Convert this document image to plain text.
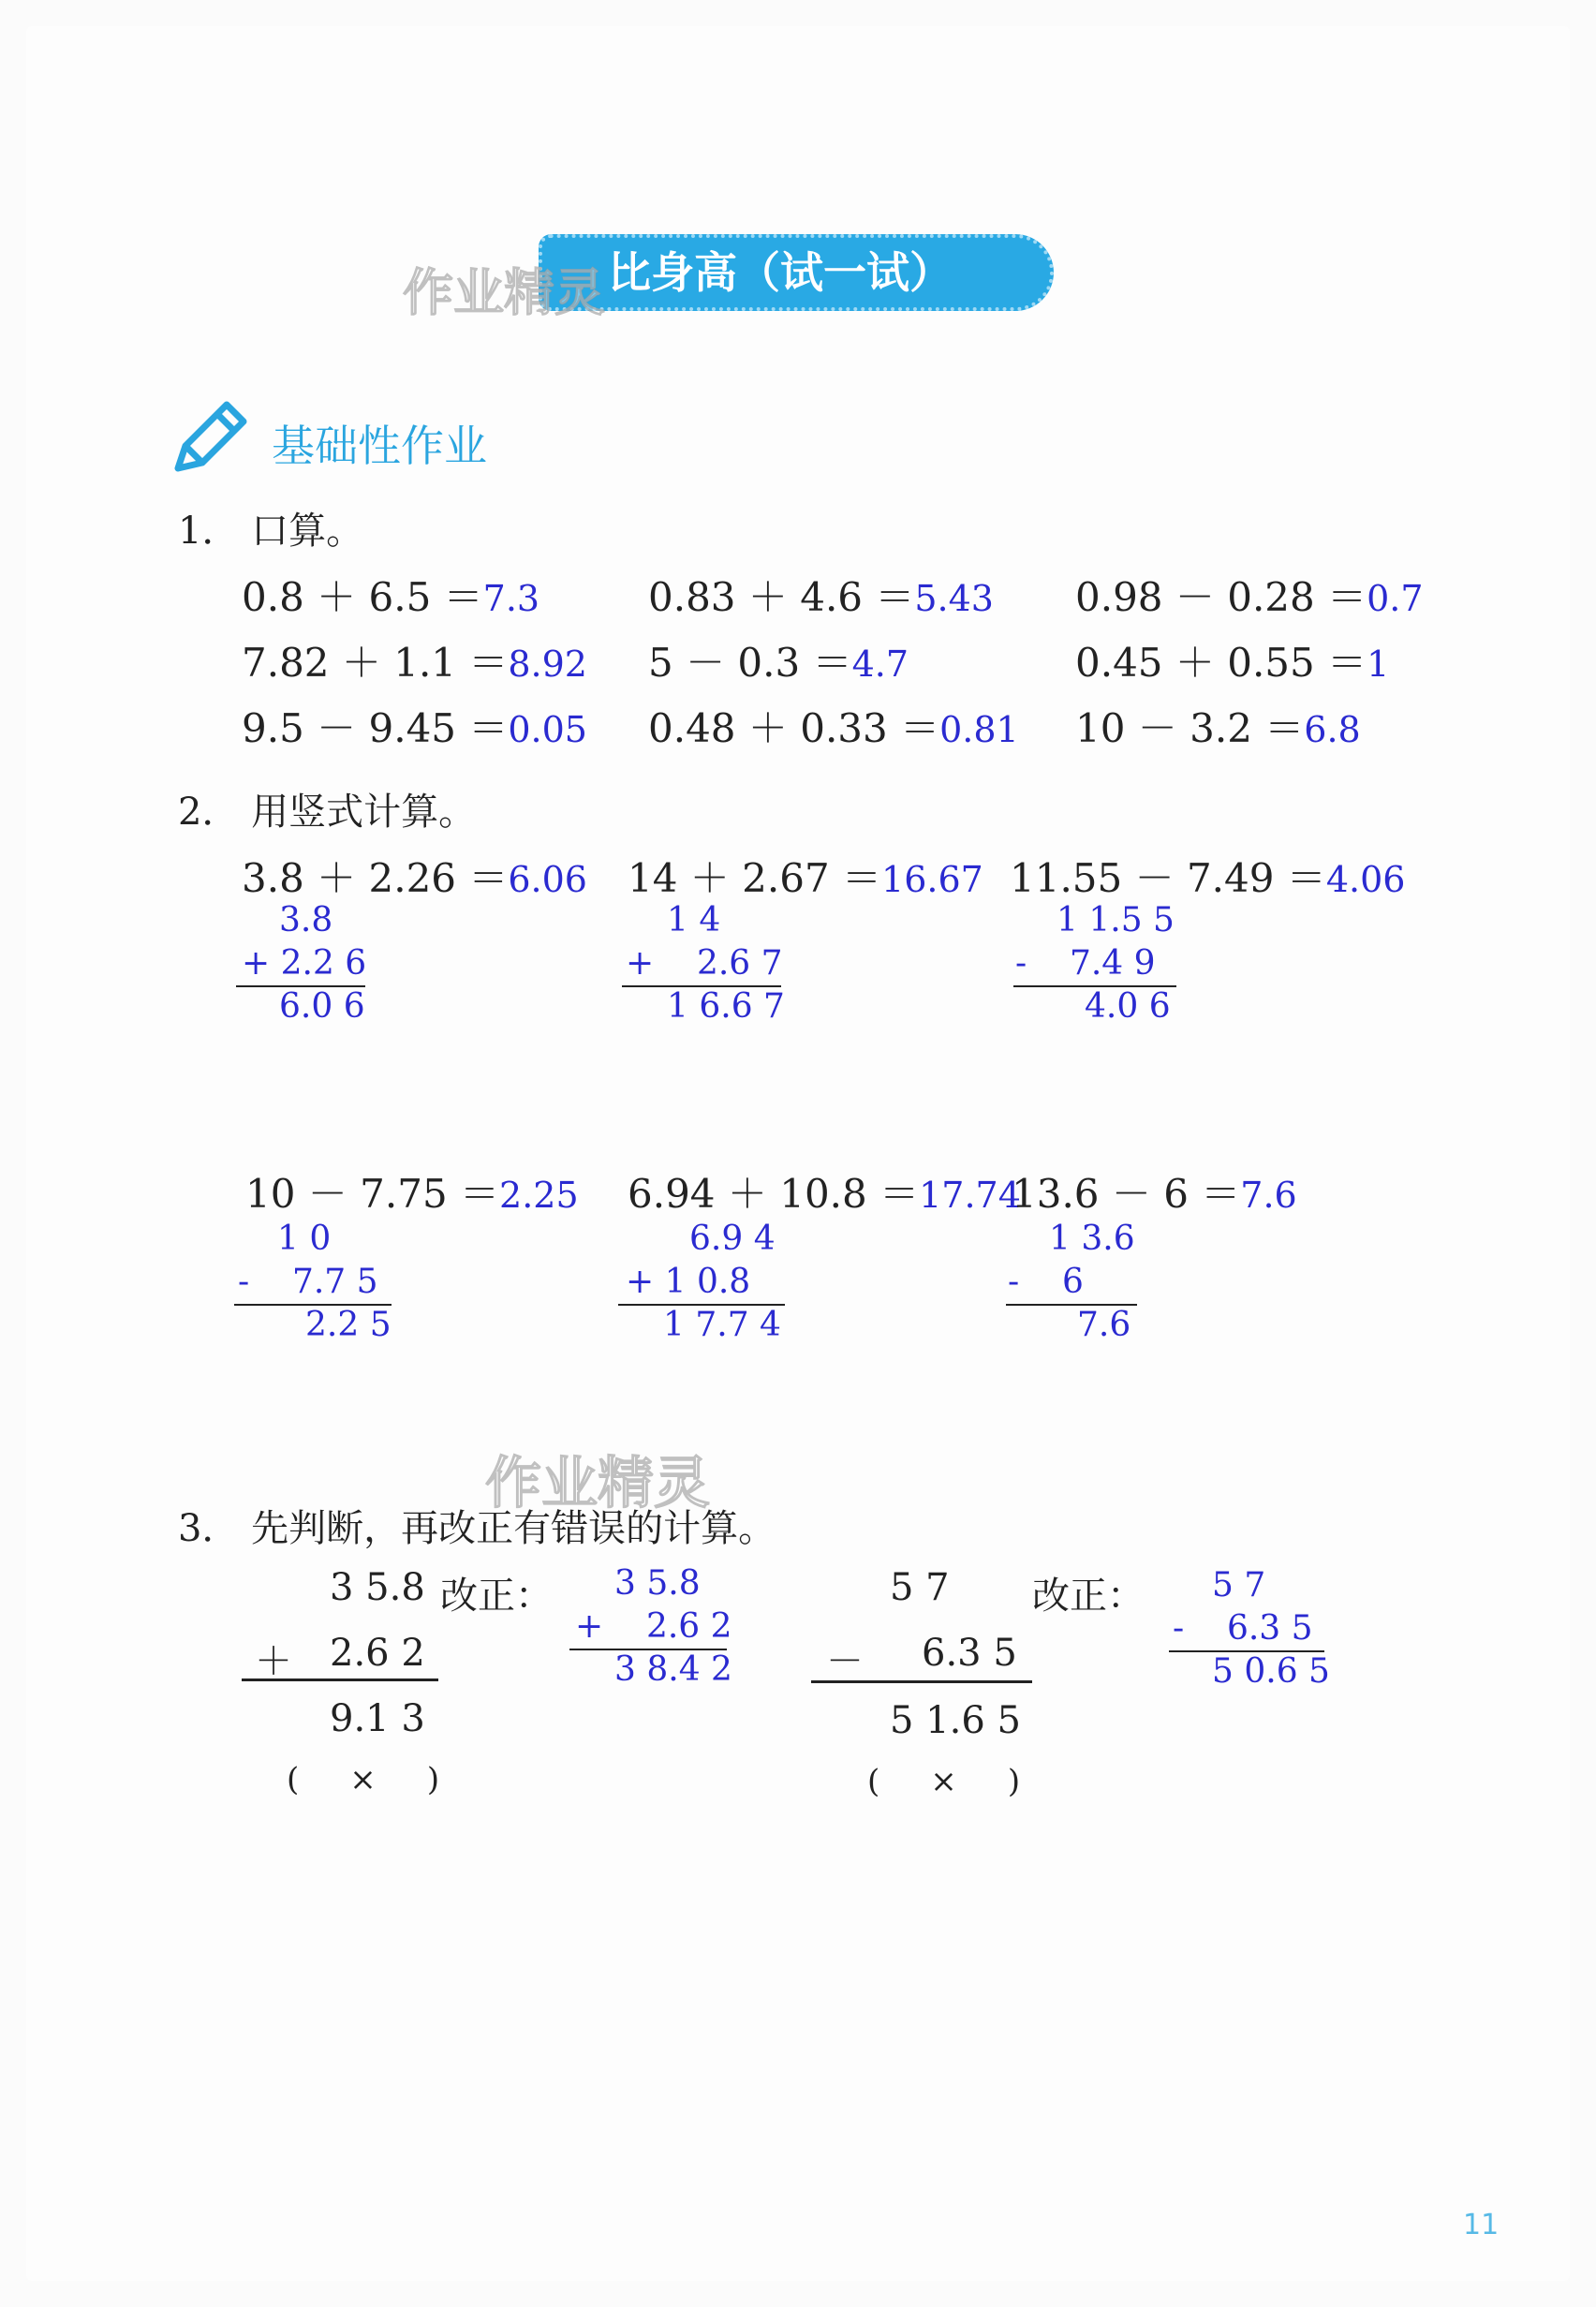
比身高（试一试）
作业精灵
基础性作业
1． 口算。
0.8 ＋ 6.5 ＝7.3	0.83 ＋ 4.6 ＝5.43 0.98 － 0.28 ＝0.7
7.82 ＋ 1.1 ＝8.92 5 － 0.3 ＝4.7	0.45 ＋ 0.55 ＝1
9.5 － 9.45 ＝0.05 0.48 ＋ 0.33 ＝0.81 10 － 3.2 ＝6.8
2． 用竖式计算。
3.8 ＋ 2.26 ＝6.06
3.8
+ 2.2 6
6.0 6
14 ＋ 2.67 ＝16.67
1 4
+    2.6 7
1 6.6 7
11.55 － 7.49 ＝4.06
1 1.5 5
-    7.4 9
4.0 6
10 － 7.75 ＝2.25
1 0
-    7.7 5
2.2 5
6.94 ＋ 10.8 ＝17.74
6.9 4
+ 1 0.8
1 7.7 4
13.6 － 6 ＝7.6
1 3.6
-    6
7.6
作业精灵
3． 先判断，再改正有错误的计算。
3 5.8 改正：
＋ 2.6 2
9.1 3
(     ×     )
3 5.8
+    2.6 2
3 8.4 2
5 7 改正：
－ 6.3 5
5 1.6 5
(     ×     )
5 7
-    6.3 5
5 0.6 5
11
